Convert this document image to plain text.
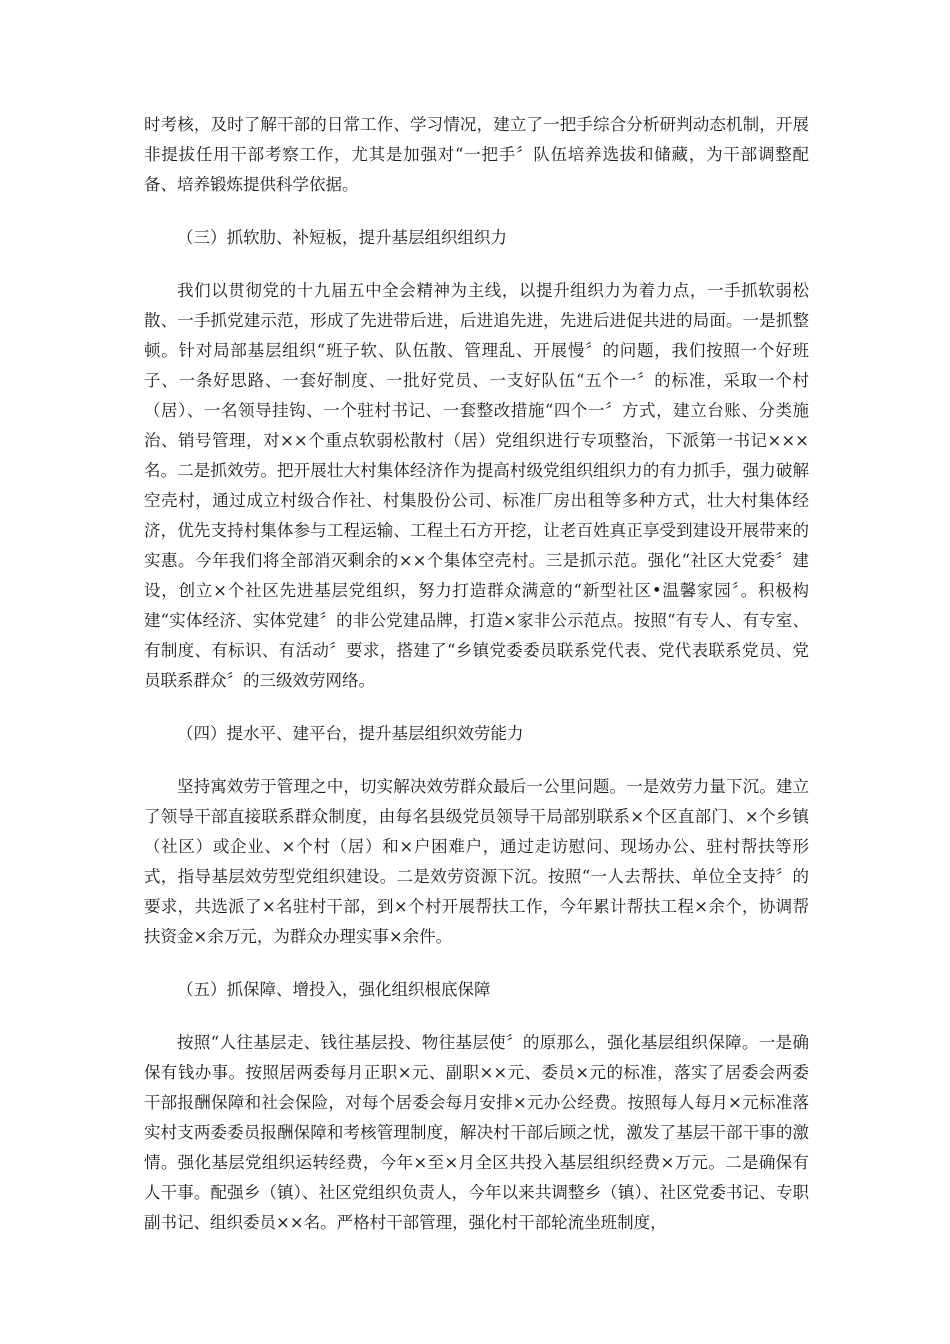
时考核，及时了解干部的日常工作、学习情况，建立了一把手综合分析研判动态机制，开展非提拔任用干部考察工作，尤其是加强对“一把手〞队伍培养选拔和储藏，为干部调整配备、培养锻炼提供科学依据。

（三）抓软肋、补短板，提升基层组织组织力

我们以贯彻党的十九届五中全会精神为主线，以提升组织力为着力点，一手抓软弱松散、一手抓党建示范，形成了先进带后进，后进追先进，先进后进促共进的局面。一是抓整顿。针对局部基层组织“班子软、队伍散、管理乱、开展慢〞的问题，我们按照一个好班子、一条好思路、一套好制度、一批好党员、一支好队伍“五个一〞的标准，采取一个村（居）、一名领导挂钩、一个驻村书记、一套整改措施“四个一〞方式，建立台账、分类施治、销号管理，对××个重点软弱松散村（居）党组织进行专项整治，下派第一书记×××名。二是抓效劳。把开展壮大村集体经济作为提高村级党组织组织力的有力抓手，强力破解空壳村，通过成立村级合作社、村集股份公司、标准厂房出租等多种方式，壮大村集体经济，优先支持村集体参与工程运输、工程土石方开挖，让老百姓真正享受到建设开展带来的实惠。今年我们将全部消灭剩余的××个集体空壳村。三是抓示范。强化“社区大党委〞建设，创立×个社区先进基层党组织，努力打造群众满意的“新型社区•温馨家园〞。积极构建“实体经济、实体党建〞的非公党建品牌，打造×家非公示范点。按照“有专人、有专室、有制度、有标识、有活动〞要求，搭建了“乡镇党委委员联系党代表、党代表联系党员、党员联系群众〞的三级效劳网络。

（四）提水平、建平台，提升基层组织效劳能力

坚持寓效劳于管理之中，切实解决效劳群众最后一公里问题。一是效劳力量下沉。建立了领导干部直接联系群众制度，由每名县级党员领导干局部别联系×个区直部门、×个乡镇（社区）或企业、×个村（居）和×户困难户，通过走访慰问、现场办公、驻村帮扶等形式，指导基层效劳型党组织建设。二是效劳资源下沉。按照“一人去帮扶、单位全支持〞的要求，共选派了×名驻村干部，到×个村开展帮扶工作，今年累计帮扶工程×余个，协调帮扶资金×余万元，为群众办理实事×余件。

（五）抓保障、增投入，强化组织根底保障

按照“人往基层走、钱往基层投、物往基层使〞的原那么，强化基层组织保障。一是确保有钱办事。按照居两委每月正职×元、副职××元、委员×元的标准，落实了居委会两委干部报酬保障和社会保险，对每个居委会每月安排×元办公经费。按照每人每月×元标准落实村支两委委员报酬保障和考核管理制度，解决村干部后顾之忧，激发了基层干部干事的激情。强化基层党组织运转经费，今年×至×月全区共投入基层组织经费×万元。二是确保有人干事。配强乡（镇）、社区党组织负责人，今年以来共调整乡（镇）、社区党委书记、专职副书记、组织委员××名。严格村干部管理，强化村干部轮流坐班制度，
